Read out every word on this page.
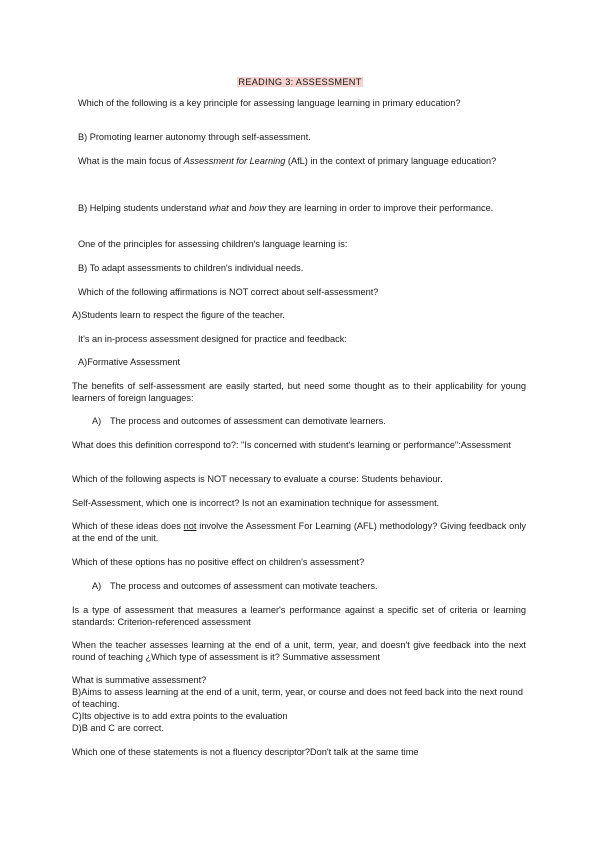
READING 3: ASSESSMENT

Which of the following is a key principle for assessing language learning in primary education?

B) Promoting learner autonomy through self-assessment.

What is the main focus of Assessment for Learning (AfL) in the context of primary language education?

B) Helping students understand what and how they are learning in order to improve their performance.

One of the principles for assessing children's language learning is:

B) To adapt assessments to children's individual needs.

Which of the following affirmations is NOT correct about self-assessment?

A)Students learn to respect the figure of the teacher.

It's an in-process assessment designed for practice and feedback:

A)Formative Assessment

The benefits of self-assessment are easily started, but need some thought as to their applicability for young learners of foreign languages:

A) The process and outcomes of assessment can demotivate learners.

What does this definition correspond to?: "Is concerned with student's learning or performance":Assessment

Which of the following aspects is NOT necessary to evaluate a course: Students behaviour.

Self-Assessment, which one is incorrect? Is not an examination technique for assessment.

Which of these ideas does not involve the Assessment For Learning (AFL) methodology? Giving feedback only at the end of the unit.

Which of these options has no positive effect on children's assessment?

A) The process and outcomes of assessment can motivate teachers.

Is a type of assessment that measures a learner's performance against a specific set of criteria or learning standards: Criterion-referenced assessment

When the teacher assesses learning at the end of a unit, term, year, and doesn't give feedback into the next round of teaching ¿Which type of assessment is it? Summative assessment

What is summative assessment?

B)Aims to assess learning at the end of a unit, term, year, or course and does not feed back into the next round of teaching.

C)Its objective is to add extra points to the evaluation

D)B and C are correct.

Which one of these statements is not a fluency descriptor?Don't talk at the same time
